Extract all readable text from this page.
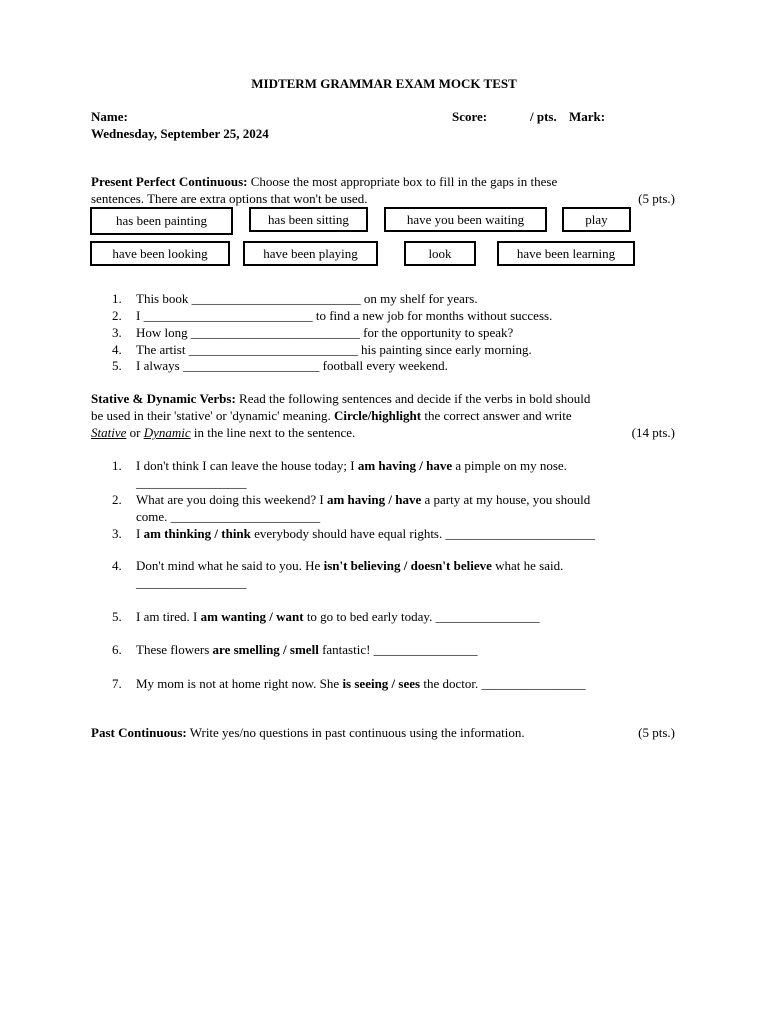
MIDTERM GRAMMAR EXAM MOCK TEST
Name:	Score:	/ pts. Mark:
Wednesday, September 25, 2024
Present Perfect Continuous: Choose the most appropriate box to fill in the gaps in these
sentences. There are extra options that won't be used.	(5 pts.)
has been painting	has been sitting	have you been waiting	play
have been looking	have been playing	look	have been learning
1. This book __________________________ on my shelf for years.
2. I __________________________ to find a new job for months without success.
3. How long __________________________ for the opportunity to speak?
4. The artist __________________________ his painting since early morning.
5. I always _____________________ football every weekend.
Stative & Dynamic Verbs: Read the following sentences and decide if the verbs in bold should
be used in their 'stative' or 'dynamic' meaning. Circle/highlight the correct answer and write
Stative or Dynamic in the line next to the sentence.	(14 pts.)
1. I don't think I can leave the house today; I am having / have a pimple on my nose.
_________________
2. What are you doing this weekend? I am having / have a party at my house, you should
come. _______________________
3. I am thinking / think everybody should have equal rights. _______________________
4. Don't mind what he said to you. He isn't believing / doesn't believe what he said.
_________________
5. I am tired. I am wanting / want to go to bed early today. ________________
6. These flowers are smelling / smell fantastic! ________________
7. My mom is not at home right now. She is seeing / sees the doctor. ________________
Past Continuous: Write yes/no questions in past continuous using the information.	(5 pts.)
